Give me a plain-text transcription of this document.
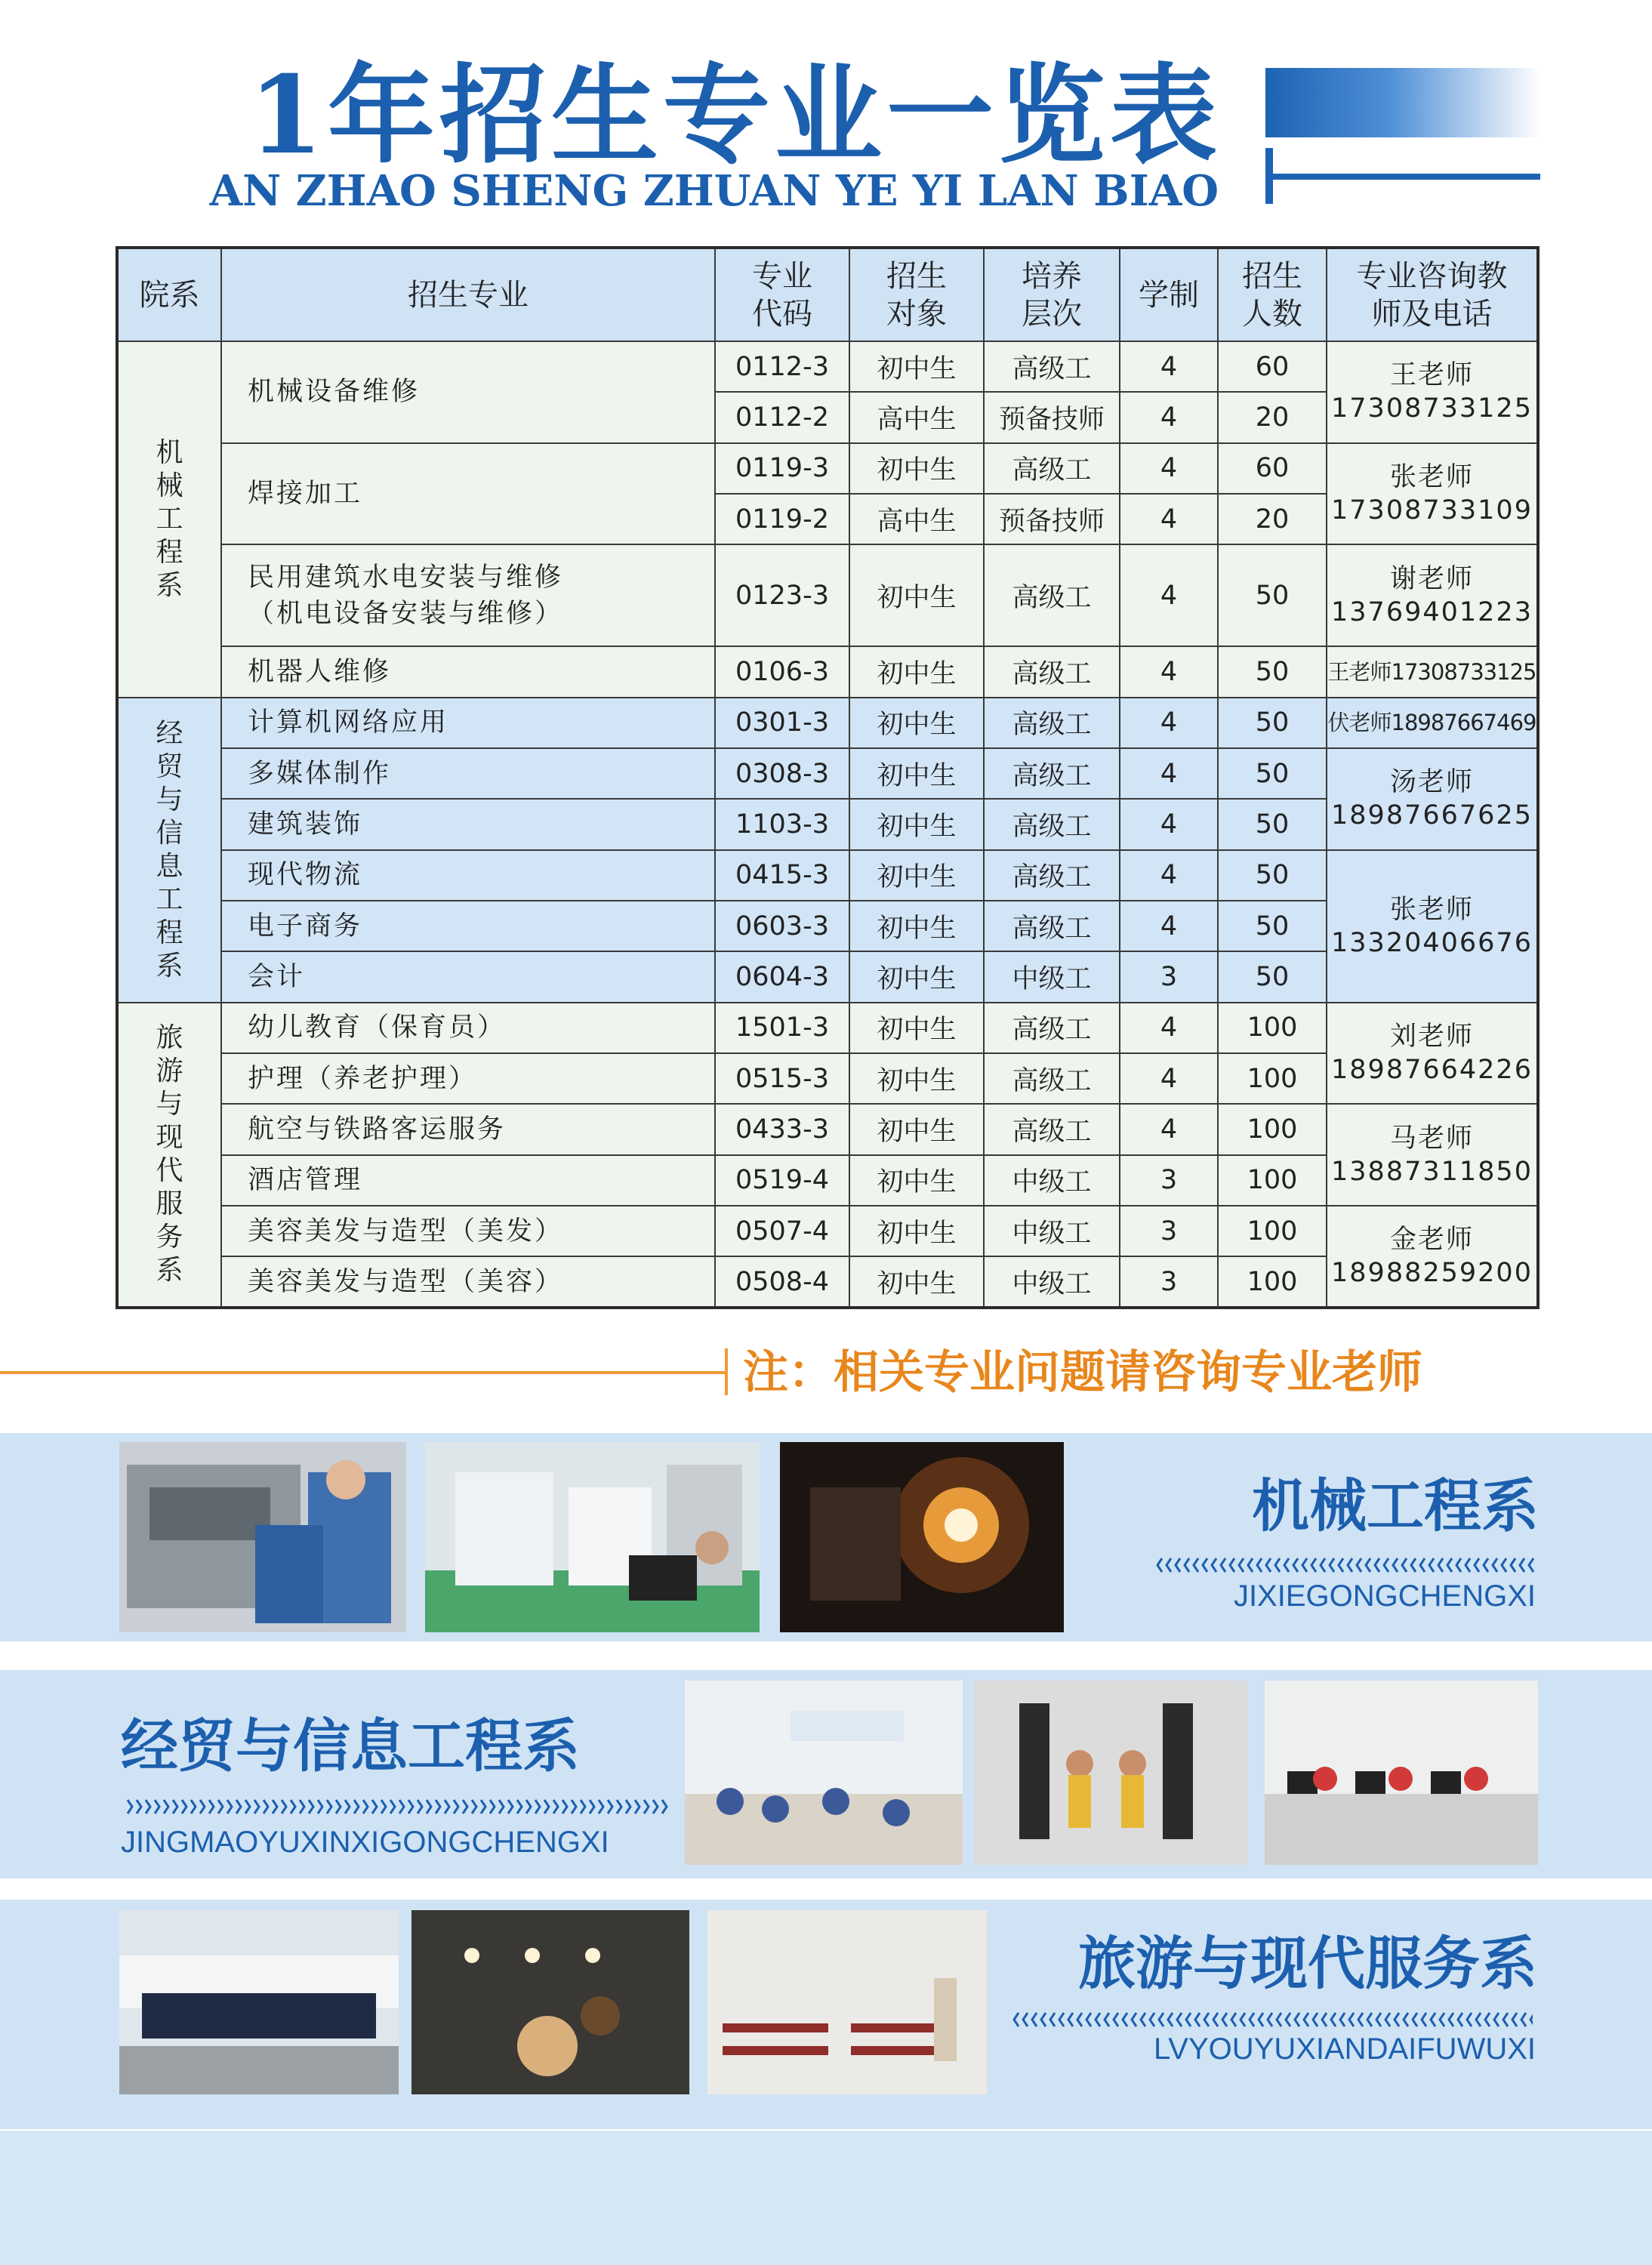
1年招生专业一览表
AN ZHAO SHENG ZHUAN YE YI LAN BIAO
院系	招生专业	专业代码	招生对象	培养层次	学制	招生人数	专业咨询教师及电话
机械工程系	机械设备维修	0112-3	初中生	高级工	4	60	王老师
17308733125
		0112-2	高中生	预备技师	4	20	
	焊接加工	0119-3	初中生	高级工	4	60	张老师
17308733109
		0119-2	高中生	预备技师	4	20	
	民用建筑水电安装与维修
（机电设备安装与维修）	0123-3	初中生	高级工	4	50	谢老师
13769401223
	机器人维修	0106-3	初中生	高级工	4	50	王老师17308733125
经贸与信息工程系	计算机网络应用	0301-3	初中生	高级工	4	50	伏老师18987667469
	多媒体制作	0308-3	初中生	高级工	4	50	汤老师
18987667625
	建筑装饰	1103-3	初中生	高级工	4	50	
	现代物流	0415-3	初中生	高级工	4	50	张老师
13320406676
	电子商务	0603-3	初中生	高级工	4	50	
	会计	0604-3	初中生	中级工	3	50	
旅游与现代服务系	幼儿教育（保育员）	1501-3	初中生	高级工	4	100	刘老师
18987664226
	护理（养老护理）	0515-3	初中生	高级工	4	100	
	航空与铁路客运服务	0433-3	初中生	高级工	4	100	马老师
13887311850
	酒店管理	0519-4	初中生	中级工	3	100	
	美容美发与造型（美发）	0507-4	初中生	中级工	3	100	金老师
18988259200
	美容美发与造型（美容）	0508-4	初中生	中级工	3	100	
注：相关专业问题请咨询专业老师
机械工程系
JIXIEGONGCHENGXI
经贸与信息工程系
JINGMAOYUXINXIGONGCHENGXI
旅游与现代服务系
LVYOUYUXIANDAIFUWUXI
